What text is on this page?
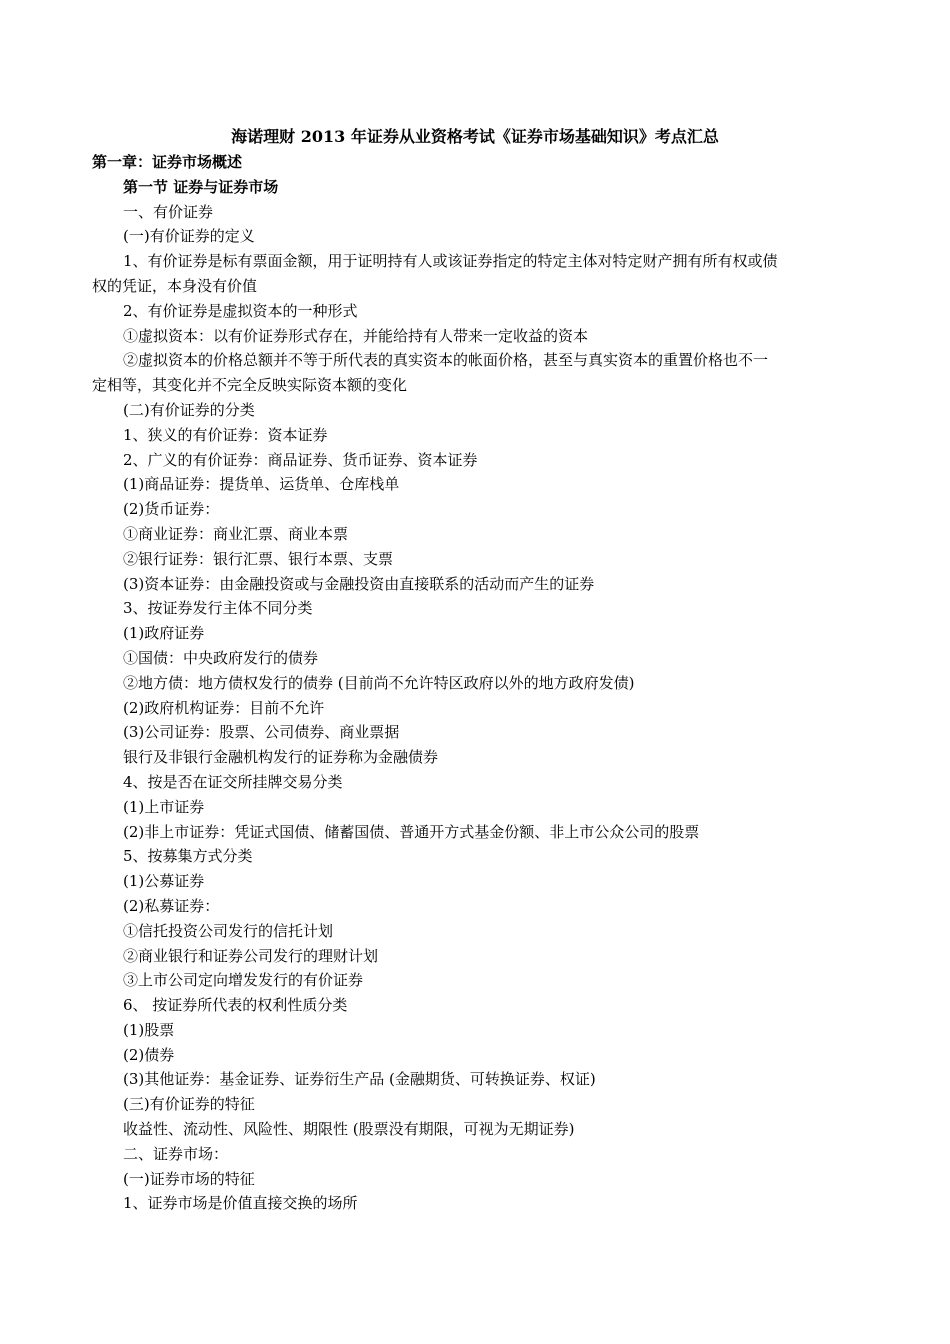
海诺理财 2013 年证券从业资格考试《证券市场基础知识》考点汇总
第一章：证券市场概述
第一节 证券与证券市场
一、有价证券
(一)有价证券的定义
1、有价证券是标有票面金额，用于证明持有人或该证券指定的特定主体对特定财产拥有所有权或债
权的凭证，本身没有价值
2、有价证券是虚拟资本的一种形式
①虚拟资本：以有价证券形式存在，并能给持有人带来一定收益的资本
②虚拟资本的价格总额并不等于所代表的真实资本的帐面价格，甚至与真实资本的重置价格也不一
定相等，其变化并不完全反映实际资本额的变化
(二)有价证券的分类
1、狭义的有价证券：资本证券
2、广义的有价证券：商品证券、货币证券、资本证券
(1)商品证券：提货单、运货单、仓库栈单
(2)货币证券：
①商业证券：商业汇票、商业本票
②银行证券：银行汇票、银行本票、支票
(3)资本证券：由金融投资或与金融投资由直接联系的活动而产生的证券
3、按证券发行主体不同分类
(1)政府证券
①国债：中央政府发行的债券
②地方债：地方债权发行的债券 (目前尚不允许特区政府以外的地方政府发债)
(2)政府机构证券：目前不允许
(3)公司证券：股票、公司债券、商业票据
银行及非银行金融机构发行的证券称为金融债券
4、按是否在证交所挂牌交易分类
(1)上市证券
(2)非上市证券：凭证式国债、储蓄国债、普通开方式基金份额、非上市公众公司的股票
5、按募集方式分类
(1)公募证券
(2)私募证券：
①信托投资公司发行的信托计划
②商业银行和证券公司发行的理财计划
③上市公司定向增发发行的有价证券
6、 按证券所代表的权利性质分类
(1)股票
(2)债券
(3)其他证券：基金证券、证券衍生产品 (金融期货、可转换证券、权证)
(三)有价证券的特征
收益性、流动性、风险性、期限性 (股票没有期限，可视为无期证券)
二、证券市场：
(一)证券市场的特征
1、证券市场是价值直接交换的场所
